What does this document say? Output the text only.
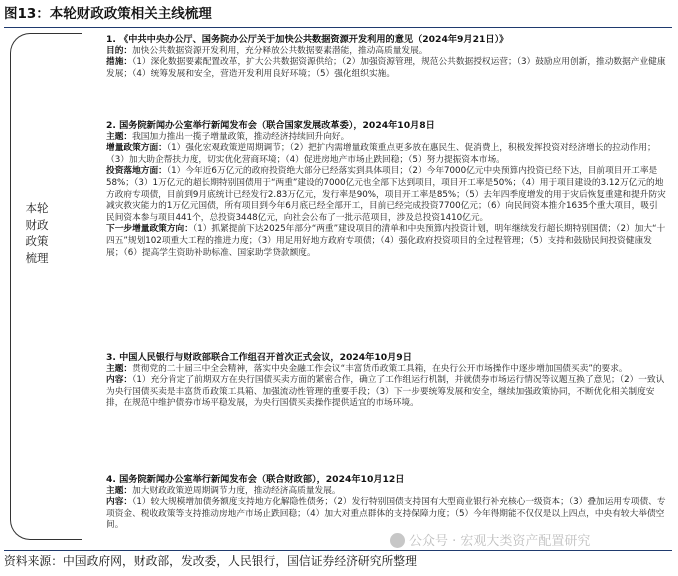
图13：本轮财政政策相关主线梳理
本轮财政政策梳理
1. 《中共中央办公厅、国务院办公厅关于加快公共数据资源开发利用的意见（2024年9月21日）》

目的：加快公共数据资源开发利用，充分释放公共数据要素潜能，推动高质量发展。

措施：（1）深化数据要素配置改革，扩大公共数据资源供给；（2）加强资源管理，规范公共数据授权运营；（3）鼓励应用创新，推动数据产业健康发展；（4）统筹发展和安全，营造开发利用良好环境；（5）强化组织实施。

2. 国务院新闻办公室举行新闻发布会（联合国家发展改革委），2024年10月8日

主题：我国加力推出一揽子增量政策，推动经济持续回升向好。

增量政策方面：（1）强化宏观政策逆周期调节；（2）把扩内需增量政策重点更多放在惠民生、促消费上，积极发挥投资对经济增长的拉动作用；（3）加大助企帮扶力度，切实优化营商环境；（4）促进房地产市场止跌回稳；（5）努力提振资本市场。

投资落地方面：（1）今年近6万亿元的政府投资绝大部分已经落实到具体项目；（2）今年7000亿元中央预算内投资已经下达，目前项目开工率是58%；（3）1万亿元的超长期特别国债用于“两重”建设的7000亿元也全部下达到项目，项目开工率是50%；（4）用于项目建设的3.12万亿元的地方政府专项债，目前到9月底统计已经发行2.83万亿元，发行率是90%，项目开工率是85%；（5）去年四季度增发的用于灾后恢复重建和提升防灾减灾救灾能力的1万亿元国债，所有项目到今年6月底已经全部开工，目前已经完成投资7700亿元；（6）向民间资本推介1635个重大项目，吸引民间资本参与项目441个，总投资3448亿元，向社会公布了一批示范项目，涉及总投资1410亿元。

下一步增量政策方向：（1）抓紧提前下达2025年部分“两重”建设项目的清单和中央预算内投资计划，明年继续发行超长期特别国债；（2）加大“十四五”规划102项重大工程的推进力度；（3）用足用好地方政府专项债；（4）强化政府投资项目的全过程管理；（5）支持和鼓励民间投资健康发展；（6）提高学生资助补助标准、国家助学贷款额度。

3. 中国人民银行与财政部联合工作组召开首次正式会议，2024年10月9日

主题：贯彻党的二十届三中全会精神，落实中央金融工作会议“丰富货币政策工具箱，在央行公开市场操作中逐步增加国债买卖”的要求。

内容：（1）充分肯定了前期双方在央行国债买卖方面的紧密合作，确立了工作组运行机制，并就债券市场运行情况等议题互换了意见；（2）一致认为央行国债买卖是丰富货币政策工具箱、加强流动性管理的重要手段；（3）下一步要统筹发展和安全，继续加强政策协同，不断优化相关制度安排，在规范中维护债券市场平稳发展，为央行国债买卖操作提供适宜的市场环境。

4. 国务院新闻办公室举行新闻发布会（联合财政部），2024年10月12日

主题：加大财政政策逆周期调节力度，推动经济高质量发展。

内容：（1）较大规模增加债务额度支持地方化解隐性债务；（2）发行特别国债支持国有大型商业银行补充核心一级资本；（3）叠加运用专项债、专项资金、税收政策等支持推动房地产市场止跌回稳；（4）加大对重点群体的支持保障力度；（5）今年得期能不仅仅是以上四点，中央有较大举债空间。

公众号 · 宏观大类资产配置研究
资料来源：中国政府网，财政部，发改委，人民银行，国信证券经济研究所整理
